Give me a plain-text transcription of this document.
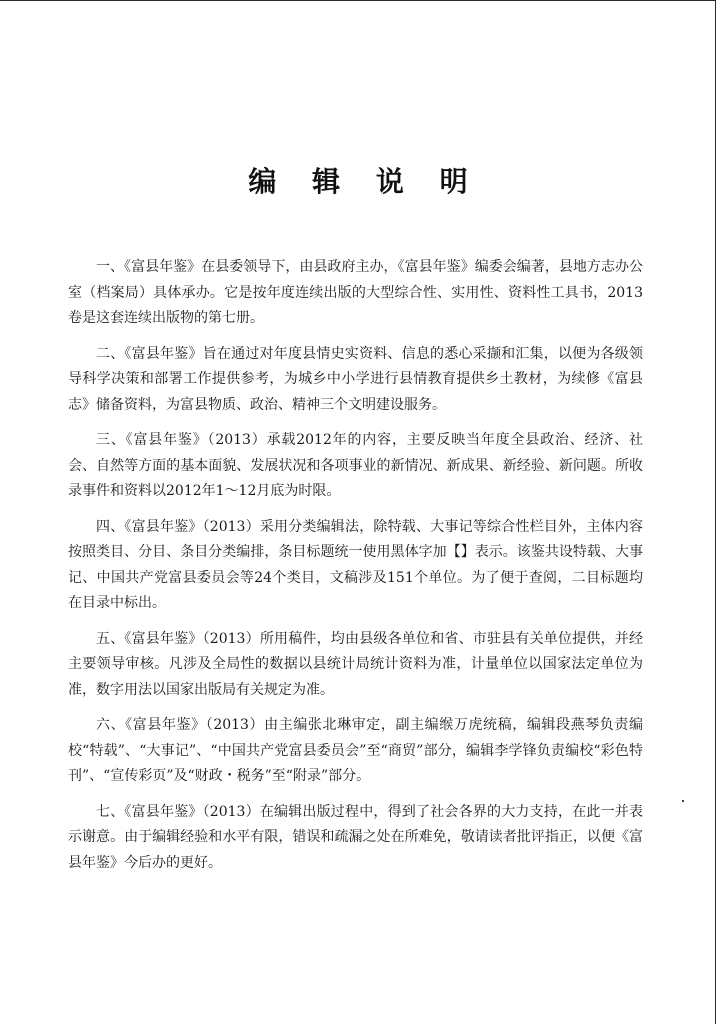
编 辑 说 明

一、《富县年鉴》在县委领导下，由县政府主办，《富县年鉴》编委会编著，县地方志办公室（档案局）具体承办。它是按年度连续出版的大型综合性、实用性、资料性工具书，2013卷是这套连续出版物的第七册。

二、《富县年鉴》旨在通过对年度县情史实资料、信息的悉心采撷和汇集，以便为各级领导科学决策和部署工作提供参考，为城乡中小学进行县情教育提供乡土教材，为续修《富县志》储备资料，为富县物质、政治、精神三个文明建设服务。

三、《富县年鉴》（2013）承载2012年的内容，主要反映当年度全县政治、经济、社会、自然等方面的基本面貌、发展状况和各项事业的新情况、新成果、新经验、新问题。所收录事件和资料以2012年1～12月底为时限。

四、《富县年鉴》（2013）采用分类编辑法，除特载、大事记等综合性栏目外，主体内容按照类目、分目、条目分类编排，条目标题统一使用黑体字加【】表示。该鉴共设特载、大事记、中国共产党富县委员会等24个类目，文稿涉及151个单位。为了便于查阅，二目标题均在目录中标出。

五、《富县年鉴》（2013）所用稿件，均由县级各单位和省、市驻县有关单位提供，并经主要领导审核。凡涉及全局性的数据以县统计局统计资料为准，计量单位以国家法定单位为准，数字用法以国家出版局有关规定为准。

六、《富县年鉴》（2013）由主编张北琳审定，副主编缑万虎统稿，编辑段燕琴负责编校“特载”、“大事记”、“中国共产党富县委员会”至“商贸”部分，编辑李学锋负责编校“彩色特刊”、“宣传彩页”及“财政・税务”至“附录”部分。

七、《富县年鉴》（2013）在编辑出版过程中，得到了社会各界的大力支持，在此一并表示谢意。由于编辑经验和水平有限，错误和疏漏之处在所难免，敬请读者批评指正，以便《富县年鉴》今后办的更好。
